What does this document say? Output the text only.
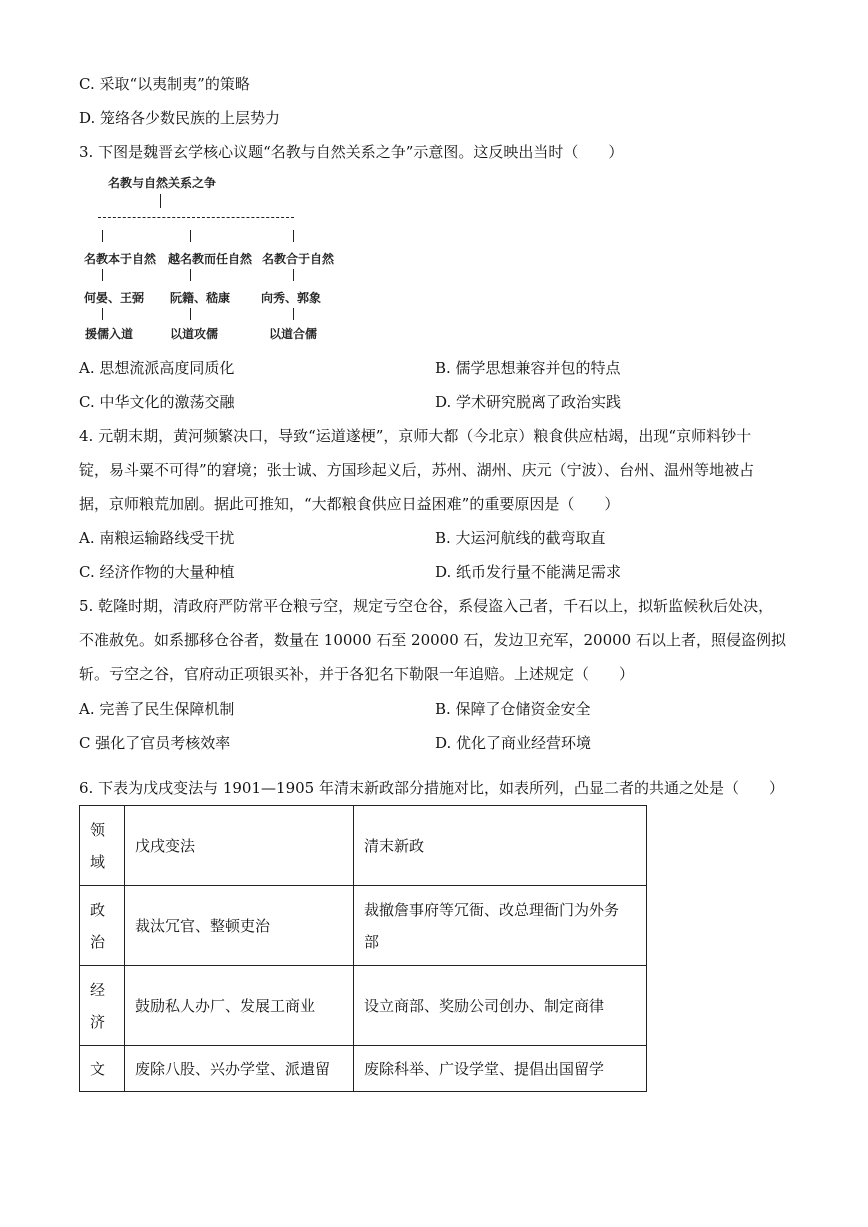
C. 采取“以夷制夷”的策略
D. 笼络各少数民族的上层势力
3. 下图是魏晋玄学核心议题“名教与自然关系之争”示意图。这反映出当时（　　）
名教与自然关系之争
名教本于自然 越名教而任自然 名教合于自然
何晏、王弼 阮籍、嵇康	向秀、郭象
援儒入道	以道攻儒	以道合儒
A. 思想流派高度同质化	B. 儒学思想兼容并包的特点
C. 中华文化的激荡交融	D. 学术研究脱离了政治实践
4. 元朝末期，黄河频繁决口，导致“运道遂梗”，京师大都（今北京）粮食供应枯竭，出现“京师料钞十
锭，易斗粟不可得”的窘境；张士诚、方国珍起义后，苏州、湖州、庆元（宁波）、台州、温州等地被占
据，京师粮荒加剧。据此可推知，“大都粮食供应日益困难”的重要原因是（　　）
A. 南粮运输路线受干扰	B. 大运河航线的截弯取直
C. 经济作物的大量种植	D. 纸币发行量不能满足需求
5. 乾隆时期，清政府严防常平仓粮亏空，规定亏空仓谷，系侵盗入己者，千石以上，拟斩监候秋后处决，
不准赦免。如系挪移仓谷者，数量在 10000 石至 20000 石，发边卫充军，20000 石以上者，照侵盗例拟
斩。亏空之谷，官府动正项银买补，并于各犯名下勒限一年追赔。上述规定（　　）
A. 完善了民生保障机制	B. 保障了仓储资金安全
C 强化了官员考核效率	D. 优化了商业经营环境
6. 下表为戊戌变法与 1901—1905 年清末新政部分措施对比，如表所列，凸显二者的共通之处是（　　）
领域	戊戌变法	清末新政

政治	裁汰冗官、整顿吏治	裁撤詹事府等冗衙、改总理衙门为外务部

经济	鼓励私人办厂、发展工商业	设立商部、奖励公司创办、制定商律
文	废除八股、兴办学堂、派遣留	废除科举、广设学堂、提倡出国留学
